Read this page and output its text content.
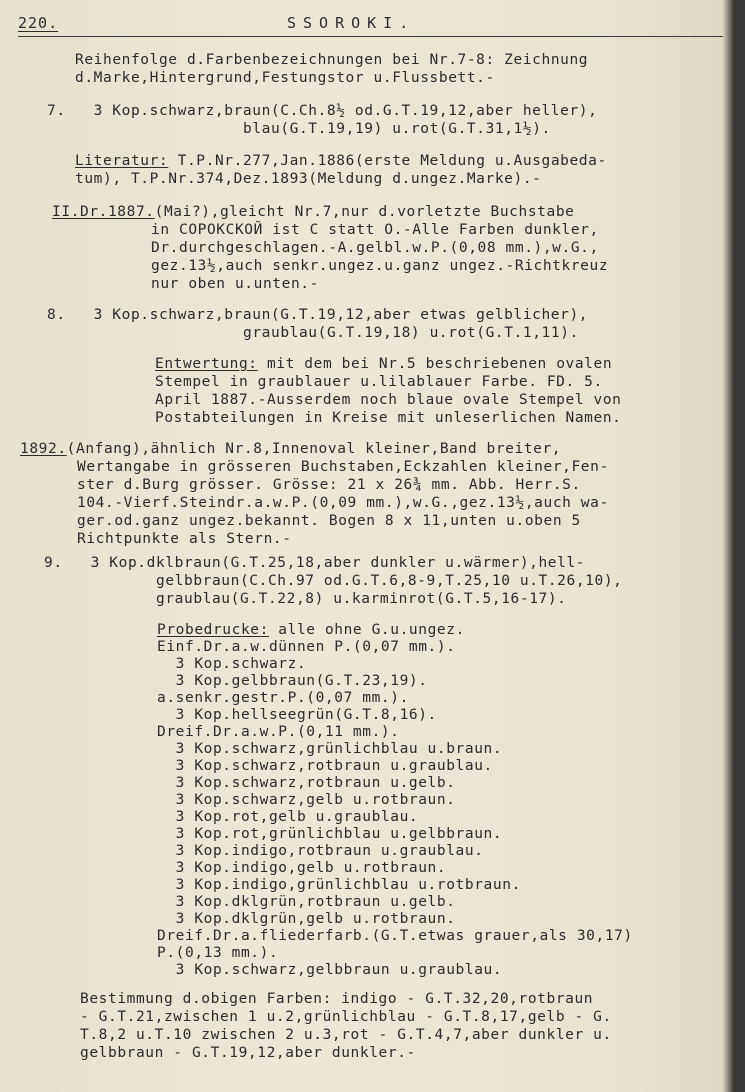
220.	SSOROKI.
Reihenfolge d.Farbenbezeichnungen bei Nr.7-8: Zeichnung
d.Marke,Hintergrund,Festungstor u.Flussbett.-
7.   3 Kop.schwarz,braun(C.Ch.8½ od.G.T.19,12,aber heller),
blau(G.T.19,19) u.rot(G.T.31,1½).
Literatur: T.P.Nr.277,Jan.1886(erste Meldung u.Ausgabeda-
tum), T.P.Nr.374,Dez.1893(Meldung d.ungez.Marke).-
II.Dr.1887.(Mai?),gleicht Nr.7,nur d.vorletzte Buchstabe
in СОРОКСКОЙ ist C statt О.-Alle Farben dunkler,
Dr.durchgeschlagen.-A.gelbl.w.P.(0,08 mm.),w.G.,
gez.13½,auch senkr.ungez.u.ganz ungez.-Richtkreuz
nur oben u.unten.-
8.   3 Kop.schwarz,braun(G.T.19,12,aber etwas gelblicher),
graublau(G.T.19,18) u.rot(G.T.1,11).
Entwertung: mit dem bei Nr.5 beschriebenen ovalen
Stempel in graublauer u.lilablauer Farbe. FD. 5.
April 1887.-Ausserdem noch blaue ovale Stempel von
Postabteilungen in Kreise mit unleserlichen Namen.
1892.(Anfang),ähnlich Nr.8,Innenoval kleiner,Band breiter,
Wertangabe in grösseren Buchstaben,Eckzahlen kleiner,Fen-
ster d.Burg grösser. Grösse: 21 x 26¾ mm. Abb. Herr.S.
104.-Vierf.Steindr.a.w.P.(0,09 mm.),w.G.,gez.13½,auch wa-
ger.od.ganz ungez.bekannt. Bogen 8 x 11,unten u.oben 5
Richtpunkte als Stern.-
9.   3 Kop.dklbraun(G.T.25,18,aber dunkler u.wärmer),hell-
gelbbraun(C.Ch.97 od.G.T.6,8-9,T.25,10 u.T.26,10),
graublau(G.T.22,8) u.karminrot(G.T.5,16-17).
Probedrucke: alle ohne G.u.ungez.
Einf.Dr.a.w.dünnen P.(0,07 mm.).
3 Kop.schwarz.
3 Kop.gelbbraun(G.T.23,19).
a.senkr.gestr.P.(0,07 mm.).
3 Kop.hellseegrün(G.T.8,16).
Dreif.Dr.a.w.P.(0,11 mm.).
3 Kop.schwarz,grünlichblau u.braun.
3 Kop.schwarz,rotbraun u.graublau.
3 Kop.schwarz,rotbraun u.gelb.
3 Kop.schwarz,gelb u.rotbraun.
3 Kop.rot,gelb u.graublau.
3 Kop.rot,grünlichblau u.gelbbraun.
3 Kop.indigo,rotbraun u.graublau.
3 Kop.indigo,gelb u.rotbraun.
3 Kop.indigo,grünlichblau u.rotbraun.
3 Kop.dklgrün,rotbraun u.gelb.
3 Kop.dklgrün,gelb u.rotbraun.
Dreif.Dr.a.fliederfarb.(G.T.etwas grauer,als 30,17)
P.(0,13 mm.).
3 Kop.schwarz,gelbbraun u.graublau.
Bestimmung d.obigen Farben: indigo - G.T.32,20,rotbraun
- G.T.21,zwischen 1 u.2,grünlichblau - G.T.8,17,gelb - G.
T.8,2 u.T.10 zwischen 2 u.3,rot - G.T.4,7,aber dunkler u.
gelbbraun - G.T.19,12,aber dunkler.-
